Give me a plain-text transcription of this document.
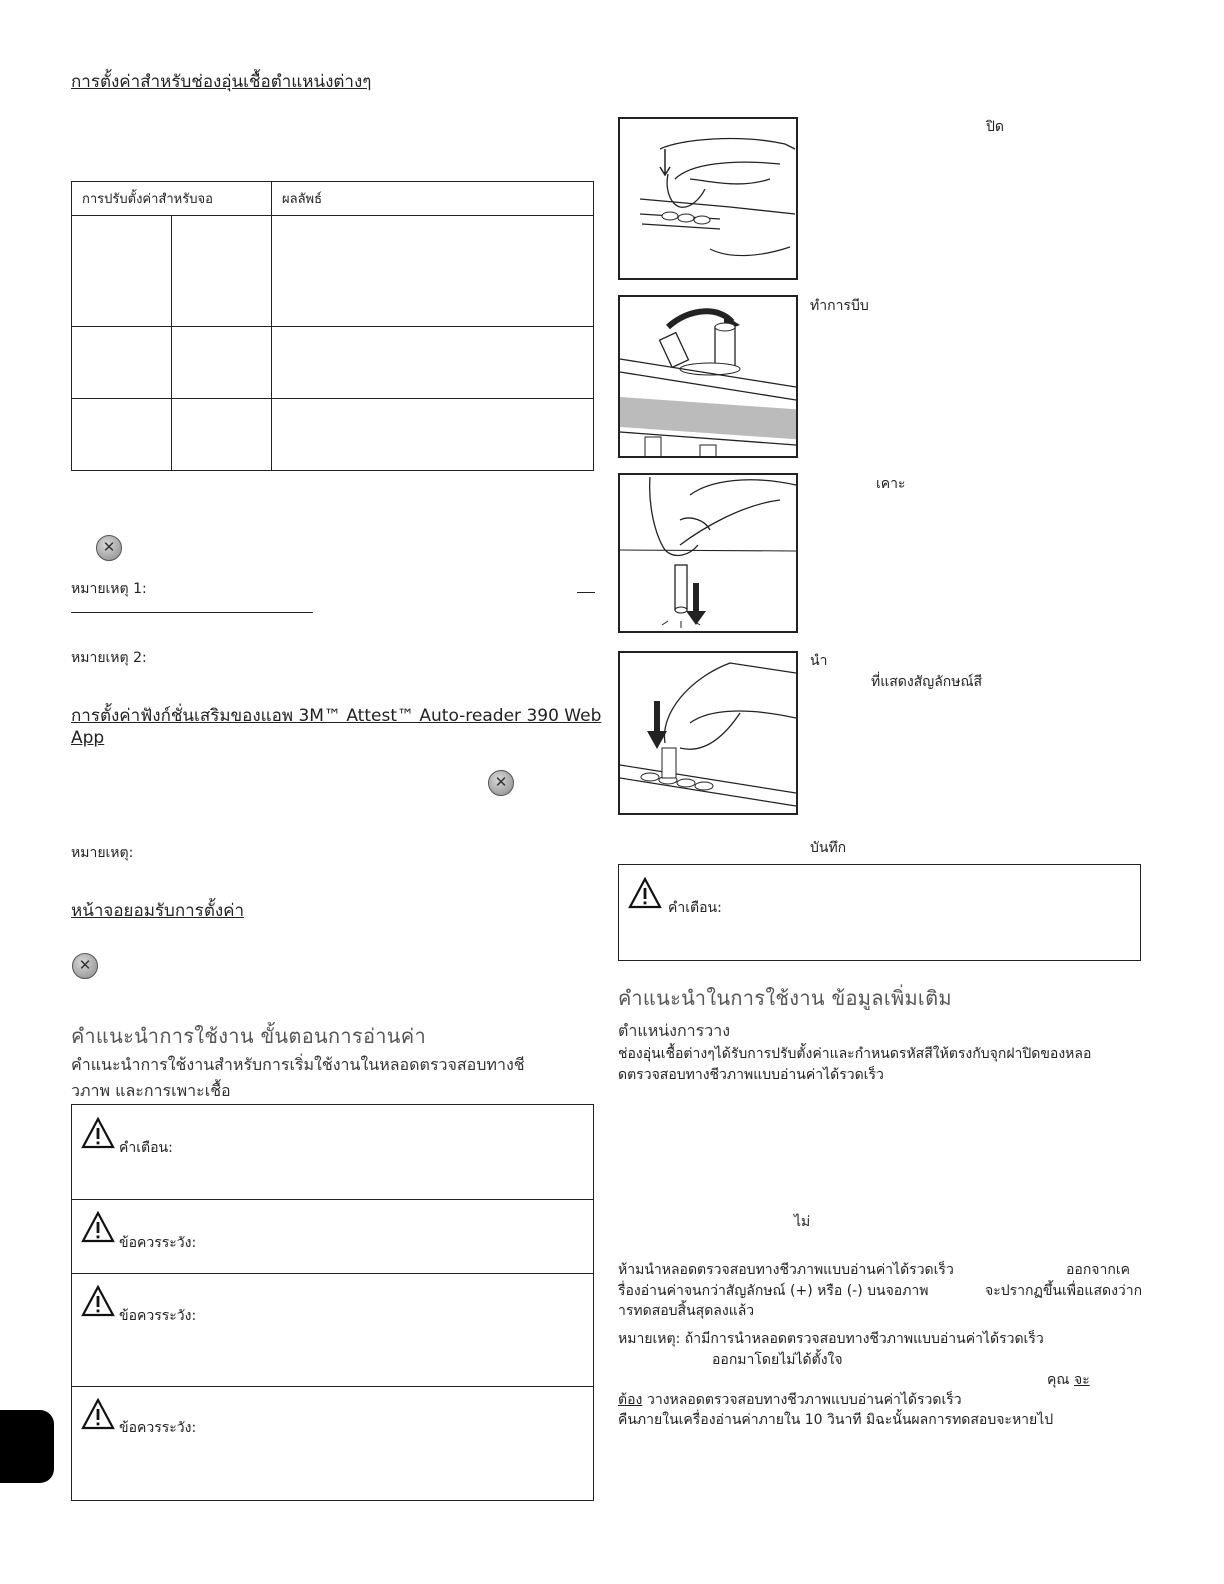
การตั้งค่าสำหรับช่องอุ่นเชื้อตำแหน่งต่างๆ
การปรับตั้งค่าสำหรับจอ		ผลลัพธ์

✕
หมายเหตุ 1:
หมายเหตุ 2:
การตั้งค่าฟังก์ชั่นเสริมของแอพ 3M™ Attest™ Auto-reader 390 Web
App
✕
หมายเหตุ:
หน้าจอยอมรับการตั้งค่า
✕
คำแนะนำการใช้งาน ขั้นตอนการอ่านค่า
คำแนะนำการใช้งานสำหรับการเริ่มใช้งานในหลอดตรวจสอบทางชี
วภาพ และการเพาะเชื้อ
คำเตือน:
ข้อควรระวัง:
ข้อควรระวัง:
ข้อควรระวัง:
ปิด
ทำการบีบ
เคาะ
นำ
ที่แสดงสัญลักษณ์สี
บันทึก
คำเตือน:
คำแนะนำในการใช้งาน ข้อมูลเพิ่มเติม
ตำแหน่งการวาง
ช่องอุ่นเชื้อต่างๆได้รับการปรับตั้งค่าและกำหนดรหัสสีให้ตรงกับจุกฝาปิดของหลอ
ดตรวจสอบทางชีวภาพแบบอ่านค่าได้รวดเร็ว
ไม่
ห้ามนำหลอดตรวจสอบทางชีวภาพแบบอ่านค่าได้รวดเร็ว	ออกจากเค
รื่องอ่านค่าจนกว่าสัญลักษณ์ (+) หรือ (-) บนจอภาพ	จะปรากฏขึ้นเพื่อแสดงว่าก
ารทดสอบสิ้นสุดลงแล้ว
หมายเหตุ: ถ้ามีการนำหลอดตรวจสอบทางชีวภาพแบบอ่านค่าได้รวดเร็ว
ออกมาโดยไม่ได้ตั้งใจ
คุณ จะ
ต้อง วางหลอดตรวจสอบทางชีวภาพแบบอ่านค่าได้รวดเร็ว
คืนภายในเครื่องอ่านค่าภายใน 10 วินาที มิฉะนั้นผลการทดสอบจะหายไป
